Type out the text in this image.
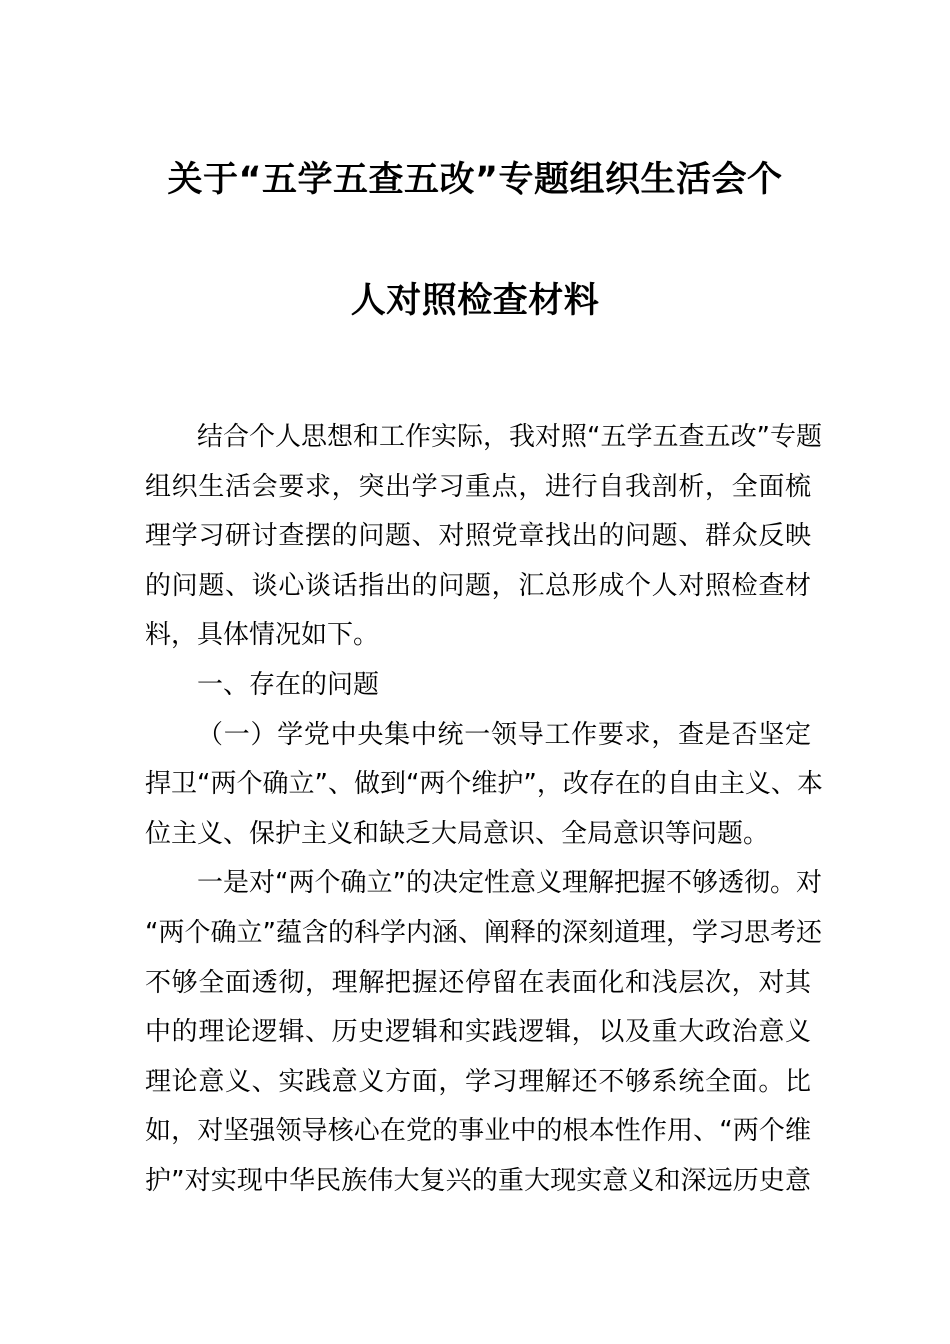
关于“五学五查五改”专题组织生活会个
人对照检查材料
结合个人思想和工作实际，我对照“五学五查五改”专题
组织生活会要求，突出学习重点，进行自我剖析，全面梳
理学习研讨查摆的问题、对照党章找出的问题、群众反映
的问题、谈心谈话指出的问题，汇总形成个人对照检查材
料，具体情况如下。
一、存在的问题
（一）学党中央集中统一领导工作要求，查是否坚定
捍卫“两个确立”、做到“两个维护”，改存在的自由主义、本
位主义、保护主义和缺乏大局意识、全局意识等问题。
一是对“两个确立”的决定性意义理解把握不够透彻。对
“两个确立”蕴含的科学内涵、阐释的深刻道理，学习思考还
不够全面透彻，理解把握还停留在表面化和浅层次，对其
中的理论逻辑、历史逻辑和实践逻辑，以及重大政治意义
理论意义、实践意义方面，学习理解还不够系统全面。比
如，对坚强领导核心在党的事业中的根本性作用、“两个维
护”对实现中华民族伟大复兴的重大现实意义和深远历史意
